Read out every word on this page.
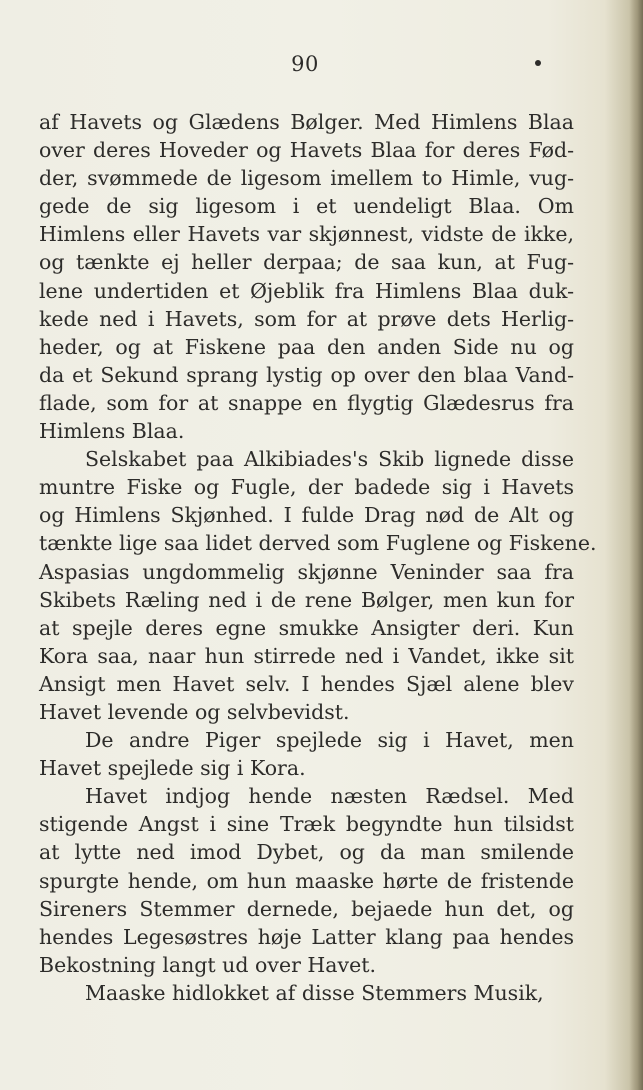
90
af Havets og Glædens Bølger. Med Himlens Blaa
over deres Hoveder og Havets Blaa for deres Fød-
der, svømmede de ligesom imellem to Himle, vug-
gede de sig ligesom i et uendeligt Blaa. Om
Himlens eller Havets var skjønnest, vidste de ikke,
og tænkte ej heller derpaa; de saa kun, at Fug-
lene undertiden et Øjeblik fra Himlens Blaa duk-
kede ned i Havets, som for at prøve dets Herlig-
heder, og at Fiskene paa den anden Side nu og
da et Sekund sprang lystig op over den blaa Vand-
flade, som for at snappe en flygtig Glædesrus fra
Himlens Blaa.
Selskabet paa Alkibiades's Skib lignede disse
muntre Fiske og Fugle, der badede sig i Havets
og Himlens Skjønhed. I fulde Drag nød de Alt og
tænkte lige saa lidet derved som Fuglene og Fiskene.
Aspasias ungdommelig skjønne Veninder saa fra
Skibets Ræling ned i de rene Bølger, men kun for
at spejle deres egne smukke Ansigter deri. Kun
Kora saa, naar hun stirrede ned i Vandet, ikke sit
Ansigt men Havet selv. I hendes Sjæl alene blev
Havet levende og selvbevidst.
De andre Piger spejlede sig i Havet, men
Havet spejlede sig i Kora.
Havet indjog hende næsten Rædsel. Med
stigende Angst i sine Træk begyndte hun tilsidst
at lytte ned imod Dybet, og da man smilende
spurgte hende, om hun maaske hørte de fristende
Sireners Stemmer dernede, bejaede hun det, og
hendes Legesøstres høje Latter klang paa hendes
Bekostning langt ud over Havet.
Maaske hidlokket af disse Stemmers Musik,
